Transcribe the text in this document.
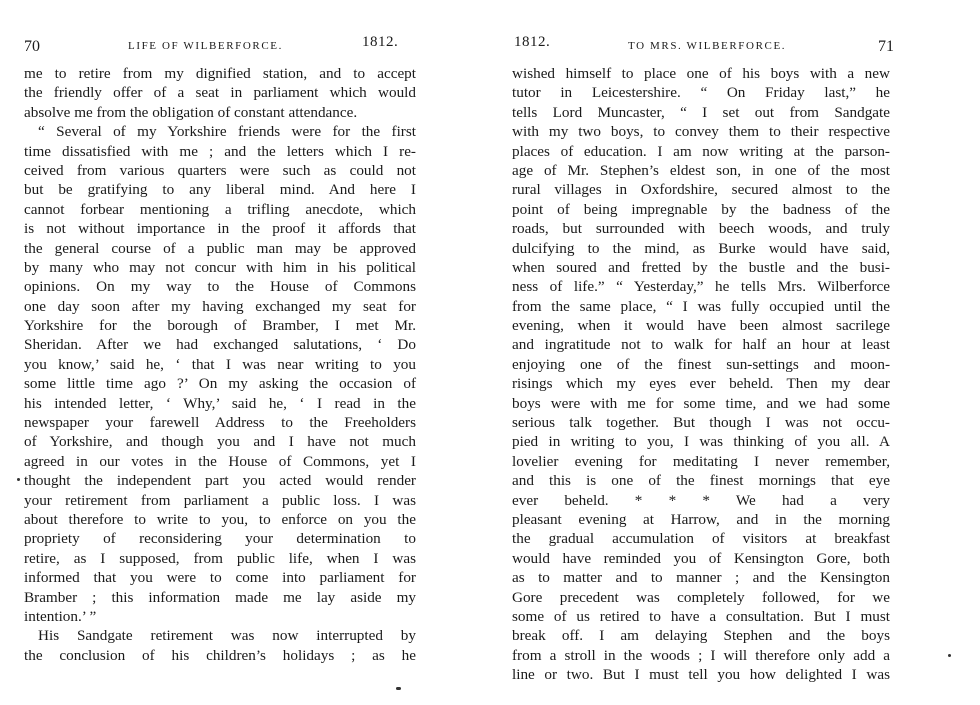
70	LIFE OF WILBERFORCE.	1812.
me to retire from my dignified station, and to accept
the friendly offer of a seat in parliament which would
absolve me from the obligation of constant attendance.
“ Several of my Yorkshire friends were for the first
time dissatisfied with me ; and the letters which I re-
ceived from various quarters were such as could not
but be gratifying to any liberal mind. And here I
cannot forbear mentioning a trifling anecdote, which
is not without importance in the proof it affords that
the general course of a public man may be approved
by many who may not concur with him in his political
opinions. On my way to the House of Commons
one day soon after my having exchanged my seat for
Yorkshire for the borough of Bramber, I met Mr.
Sheridan. After we had exchanged salutations, ‘ Do
you know,’ said he, ‘ that I was near writing to you
some little time ago ?’ On my asking the occasion of
his intended letter, ‘ Why,’ said he, ‘ I read in the
newspaper your farewell Address to the Freeholders
of Yorkshire, and though you and I have not much
agreed in our votes in the House of Commons, yet I
thought the independent part you acted would render
your retirement from parliament a public loss. I was
about therefore to write to you, to enforce on you the
propriety of reconsidering your determination to
retire, as I supposed, from public life, when I was
informed that you were to come into parliament for
Bramber ; this information made me lay aside my
intention.’ ”
His Sandgate retirement was now interrupted by
the conclusion of his children’s holidays ; as he
1812.	TO MRS. WILBERFORCE.	71
wished himself to place one of his boys with a new
tutor in Leicestershire. “ On Friday last,” he
tells Lord Muncaster, “ I set out from Sandgate
with my two boys, to convey them to their respective
places of education. I am now writing at the parson-
age of Mr. Stephen’s eldest son, in one of the most
rural villages in Oxfordshire, secured almost to the
point of being impregnable by the badness of the
roads, but surrounded with beech woods, and truly
dulcifying to the mind, as Burke would have said,
when soured and fretted by the bustle and the busi-
ness of life.” “ Yesterday,” he tells Mrs. Wilberforce
from the same place, “ I was fully occupied until the
evening, when it would have been almost sacrilege
and ingratitude not to walk for half an hour at least
enjoying one of the finest sun-settings and moon-
risings which my eyes ever beheld. Then my dear
boys were with me for some time, and we had some
serious talk together. But though I was not occu-
pied in writing to you, I was thinking of you all. A
lovelier evening for meditating I never remember,
and this is one of the finest mornings that eye
ever beheld. * * * We had a very
pleasant evening at Harrow, and in the morning
the gradual accumulation of visitors at breakfast
would have reminded you of Kensington Gore, both
as to matter and to manner ; and the Kensington
Gore precedent was completely followed, for we
some of us retired to have a consultation. But I must
break off. I am delaying Stephen and the boys
from a stroll in the woods ; I will therefore only add a
line or two. But I must tell you how delighted I was
